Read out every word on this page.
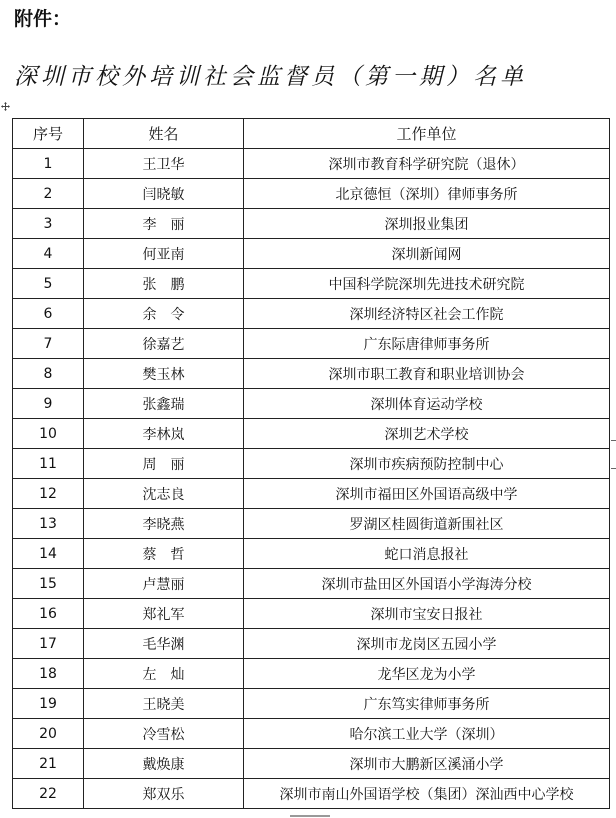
附件：
深圳市校外培训社会监督员（第一期）名单
序号	姓名	工作单位
1	王卫华	深圳市教育科学研究院（退休）
2	闫晓敏	北京德恒（深圳）律师事务所
3	李　丽	深圳报业集团
4	何亚南	深圳新闻网
5	张　鹏	中国科学院深圳先进技术研究院
6	余　令	深圳经济特区社会工作院
7	徐嘉艺	广东际唐律师事务所
8	樊玉林	深圳市职工教育和职业培训协会
9	张鑫瑞	深圳体育运动学校
10	李林岚	深圳艺术学校
11	周　丽	深圳市疾病预防控制中心
12	沈志良	深圳市福田区外国语高级中学
13	李晓燕	罗湖区桂圆街道新围社区
14	蔡　哲	蛇口消息报社
15	卢慧丽	深圳市盐田区外国语小学海涛分校
16	郑礼军	深圳市宝安日报社
17	毛华渊	深圳市龙岗区五园小学
18	左　灿	龙华区龙为小学
19	王晓美	广东笃实律师事务所
20	冷雪松	哈尔滨工业大学（深圳）
21	戴焕康	深圳市大鹏新区溪涌小学
22	郑双乐	深圳市南山外国语学校（集团）深汕西中心学校
